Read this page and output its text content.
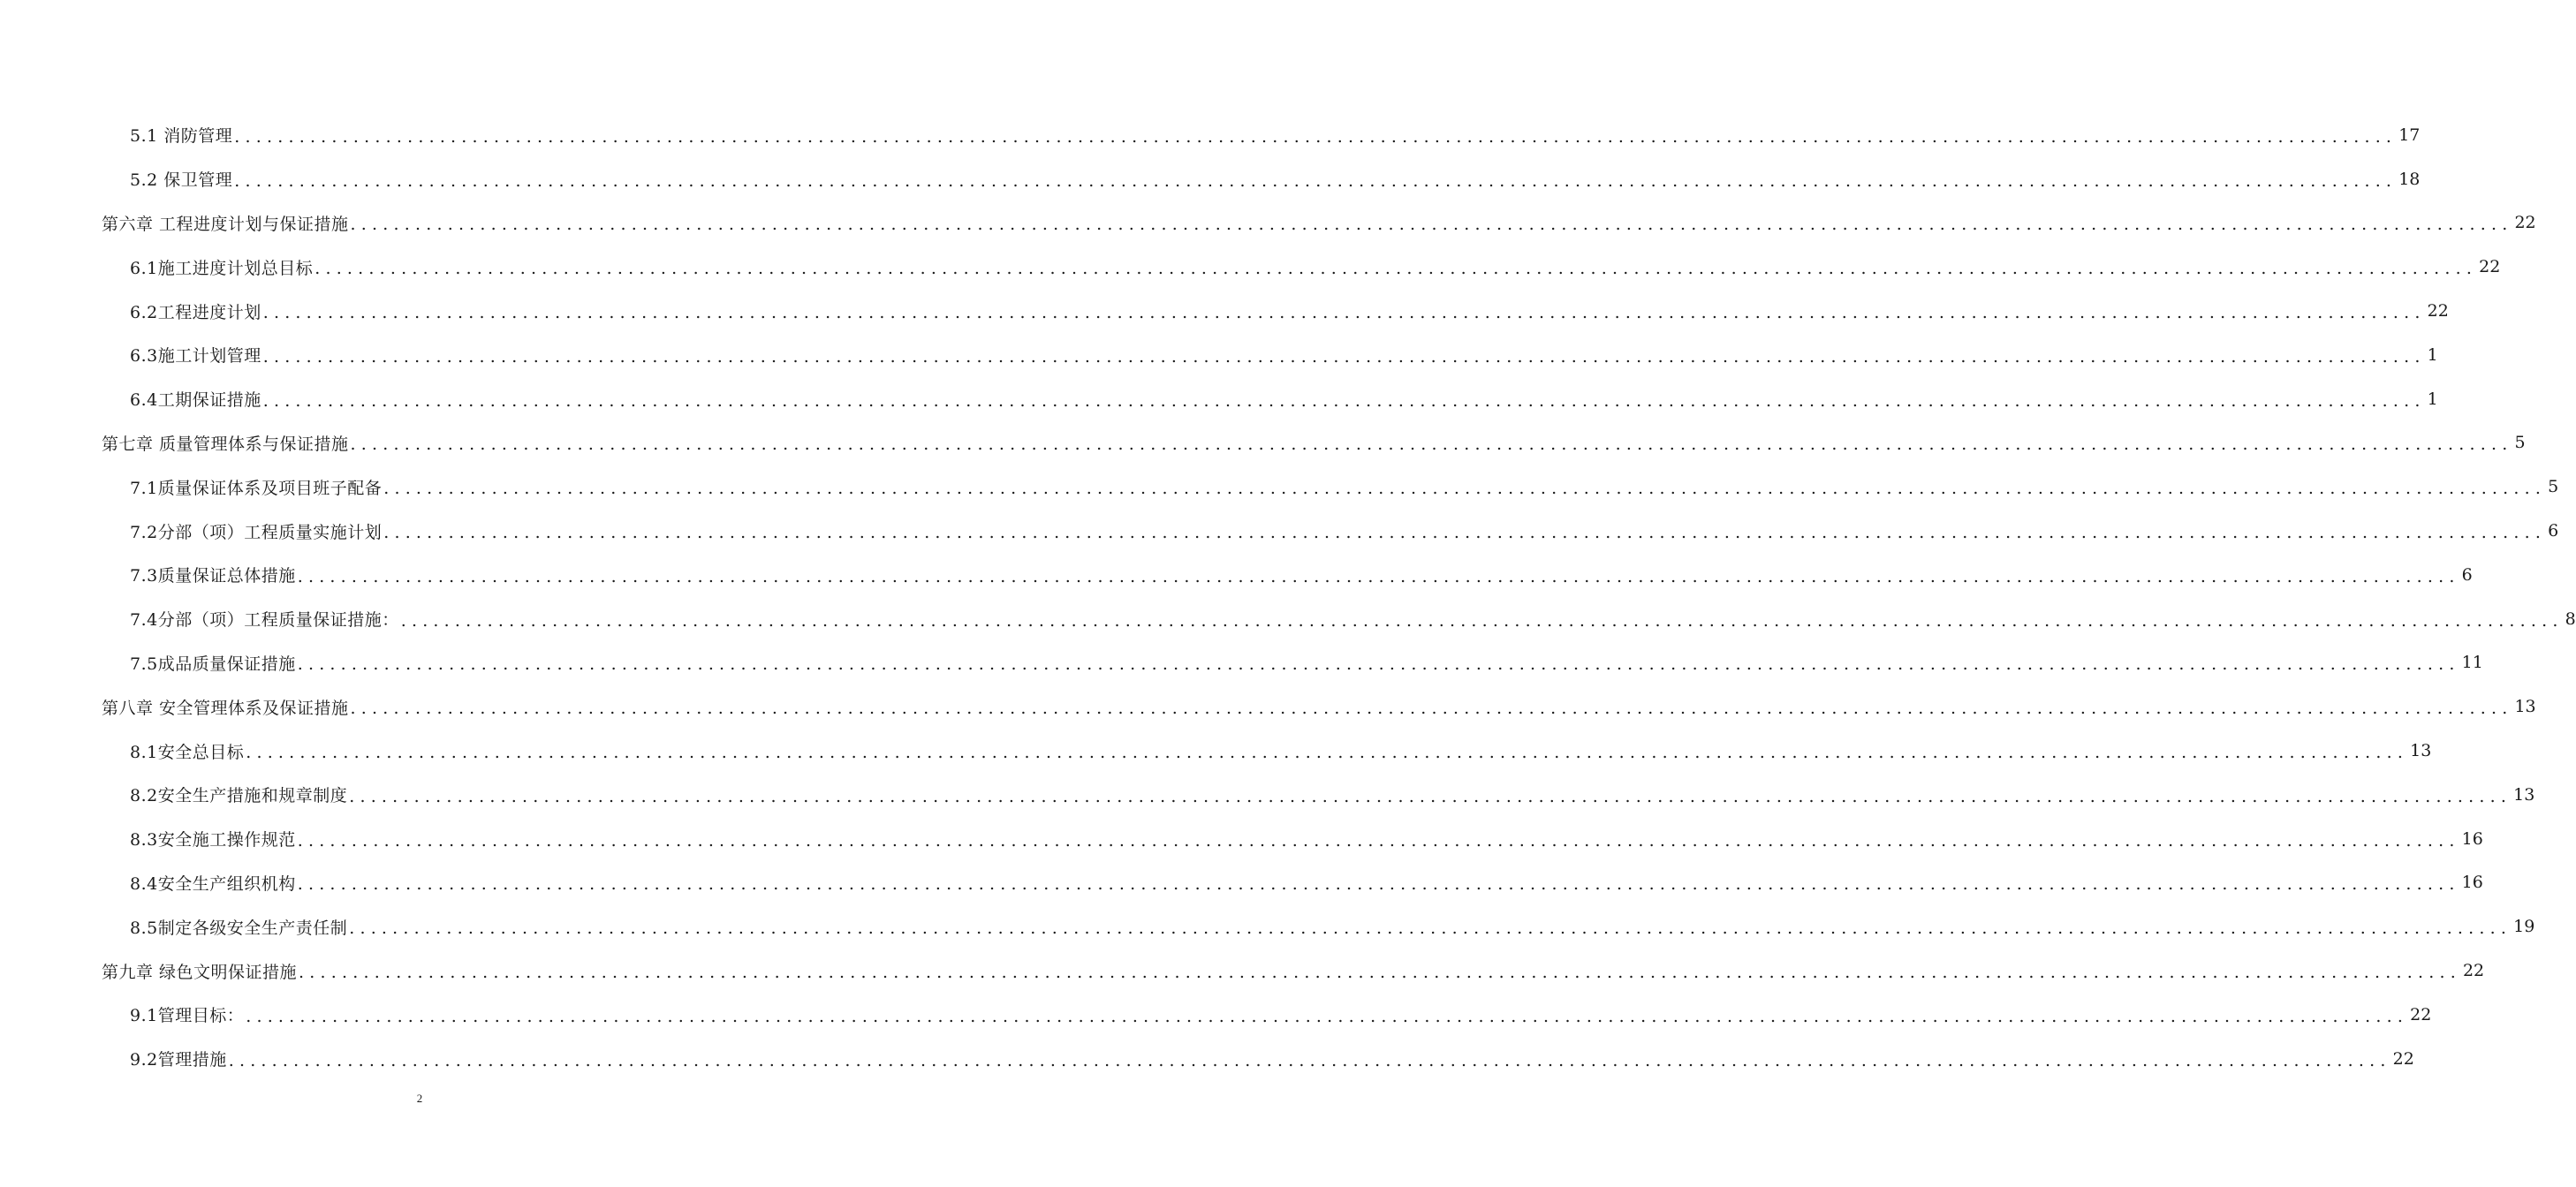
5.1 消防管理 ........................................................................................................................................................................................................ 17
5.2 保卫管理 ........................................................................................................................................................................................................ 18
第六章 工程进度计划与保证措施 ........................................................................................................................................................................................................ 22
6.1施工进度计划总目标 ........................................................................................................................................................................................................ 22
6.2工程进度计划 ........................................................................................................................................................................................................ 22
6.3施工计划管理 ........................................................................................................................................................................................................ 1
6.4工期保证措施 ........................................................................................................................................................................................................ 1
第七章 质量管理体系与保证措施 ........................................................................................................................................................................................................ 5
7.1质量保证体系及项目班子配备 ........................................................................................................................................................................................................ 5
7.2分部（项）工程质量实施计划 ........................................................................................................................................................................................................ 6
7.3质量保证总体措施 ........................................................................................................................................................................................................ 6
7.4分部（项）工程质量保证措施： ........................................................................................................................................................................................................ 8
7.5成品质量保证措施 ........................................................................................................................................................................................................ 11
第八章 安全管理体系及保证措施 ........................................................................................................................................................................................................ 13
8.1安全总目标 ........................................................................................................................................................................................................ 13
8.2安全生产措施和规章制度 ........................................................................................................................................................................................................ 13
8.3安全施工操作规范 ........................................................................................................................................................................................................ 16
8.4安全生产组织机构 ........................................................................................................................................................................................................ 16
8.5制定各级安全生产责任制 ........................................................................................................................................................................................................ 19
第九章 绿色文明保证措施 ........................................................................................................................................................................................................ 22
9.1管理目标： ........................................................................................................................................................................................................ 22
9.2管理措施 ........................................................................................................................................................................................................ 22
2
